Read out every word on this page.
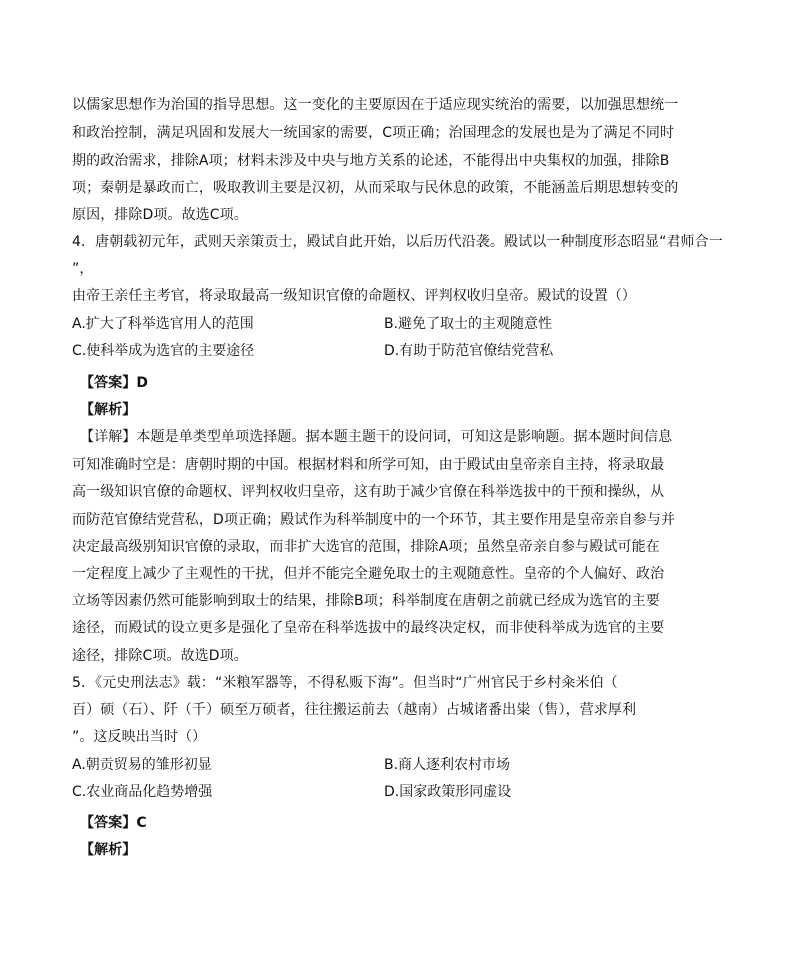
以儒家思想作为治国的指导思想。这一变化的主要原因在于适应现实统治的需要，以加强思想统一
和政治控制，满足巩固和发展大一统国家的需要，C项正确；治国理念的发展也是为了满足不同时
期的政治需求，排除A项；材料未涉及中央与地方关系的论述，不能得出中央集权的加强，排除B
项；秦朝是暴政而亡，吸取教训主要是汉初，从而采取与民休息的政策，不能涵盖后期思想转变的
原因，排除D项。故选C项。
4．唐朝载初元年，武则天亲策贡士，殿试自此开始，以后历代沿袭。殿试以一种制度形态昭显“君师合一
”，
由帝王亲任主考官，将录取最高一级知识官僚的命题权、评判权收归皇帝。殿试的设置（）
A.扩大了科举选官用人的范围	B.避免了取士的主观随意性
C.使科举成为选官的主要途径	D.有助于防范官僚结党营私
【答案】D
【解析】
【详解】本题是单类型单项选择题。据本题主题干的设问词，可知这是影响题。据本题时间信息
可知准确时空是：唐朝时期的中国。根据材料和所学可知，由于殿试由皇帝亲自主持，将录取最
高一级知识官僚的命题权、评判权收归皇帝，这有助于减少官僚在科举选拔中的干预和操纵，从
而防范官僚结党营私，D项正确；殿试作为科举制度中的一个环节，其主要作用是皇帝亲自参与并
决定最高级别知识官僚的录取，而非扩大选官的范围，排除A项；虽然皇帝亲自参与殿试可能在
一定程度上减少了主观性的干扰，但并不能完全避免取士的主观随意性。皇帝的个人偏好、政治
立场等因素仍然可能影响到取士的结果，排除B项；科举制度在唐朝之前就已经成为选官的主要
途径，而殿试的设立更多是强化了皇帝在科举选拔中的最终决定权，而非使科举成为选官的主要
途径，排除C项。故选D项。
5．《元史刑法志》载：“米粮军器等，不得私贩下海”。但当时“广州官民于乡村籴米伯（
百）硕（石）、阡（千）硕至万硕者，往往搬运前去（越南）占城诸番出粜（售），营求厚利
”。这反映出当时（）
A.朝贡贸易的雏形初显	B.商人逐利农村市场
C.农业商品化趋势增强	D.国家政策形同虚设
【答案】C
【解析】
